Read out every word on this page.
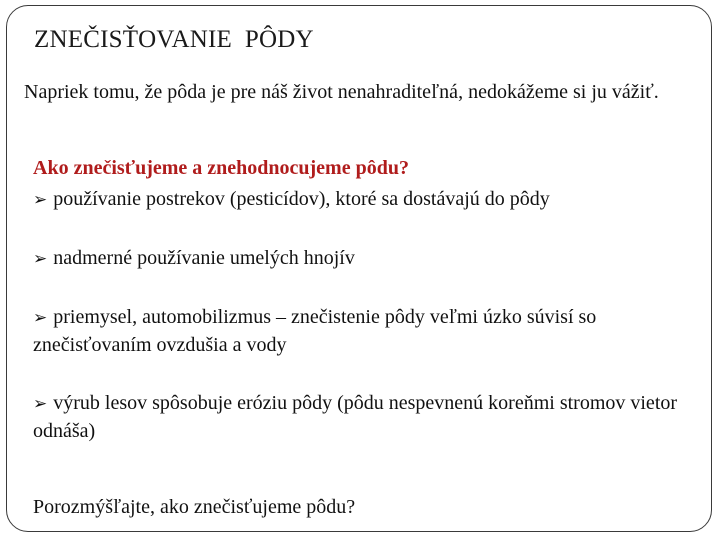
ZNEČISŤOVANIE  PÔDY
Napriek tomu, že pôda je pre náš život nenahraditeľná, nedokážeme si ju vážiť.
Ako znečisťujeme a znehodnocujeme pôdu?
➢ používanie postrekov (pesticídov), ktoré sa dostávajú do pôdy
➢ nadmerné používanie umelých hnojív
➢ priemysel, automobilizmus – znečistenie pôdy veľmi úzko súvisí so znečisťovaním ovzdušia a vody
➢ výrub lesov spôsobuje eróziu pôdy (pôdu nespevnenú koreňmi stromov vietor odnáša)
Porozmýšľajte, ako znečisťujeme pôdu?
